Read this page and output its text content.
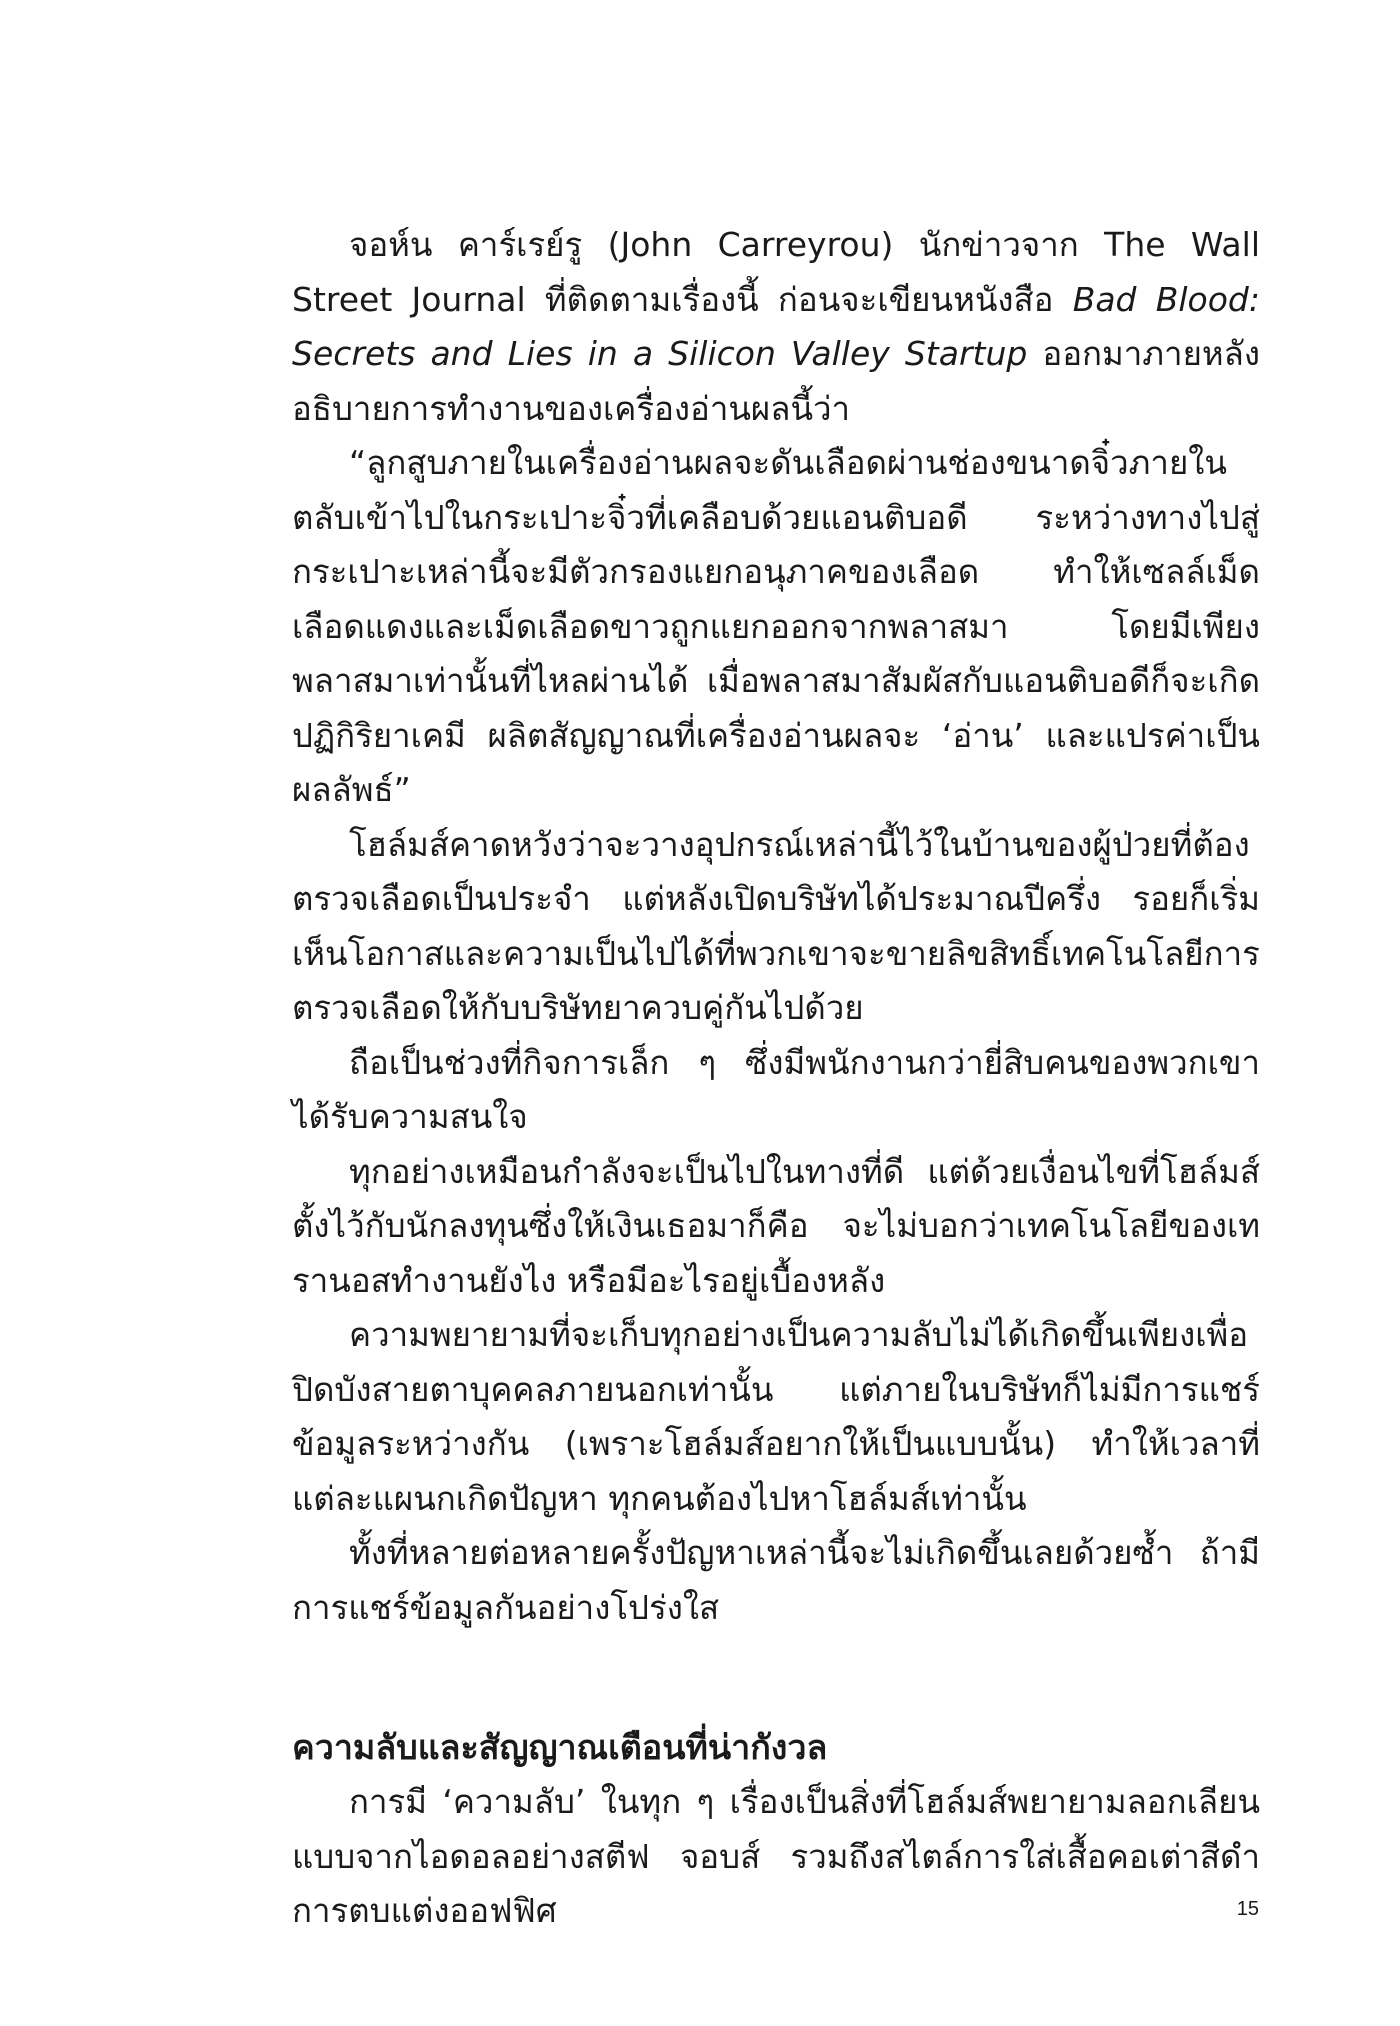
จอห์น คาร์เรย์รู (John Carreyrou) นักข่าวจาก The Wall Street Journal ที่ติดตามเรื่องนี้ ก่อนจะเขียนหนังสือ Bad Blood: Secrets and Lies in a Silicon Valley Startup ออกมาภายหลัง อธิบายการทำงานของเครื่องอ่านผลนี้ว่า

“ลูกสูบภายในเครื่องอ่านผลจะดันเลือดผ่านช่องขนาดจิ๋วภายในตลับเข้าไปในกระเปาะจิ๋วที่เคลือบด้วยแอนติบอดี ระหว่างทางไปสู่กระเปาะเหล่านี้จะมีตัวกรองแยกอนุภาคของเลือด ทำให้เซลล์เม็ดเลือดแดงและเม็ดเลือดขาวถูกแยกออกจากพลาสมา โดยมีเพียงพลาสมาเท่านั้นที่ไหลผ่านได้ เมื่อพลาสมาสัมผัสกับแอนติบอดีก็จะเกิดปฏิกิริยาเคมี ผลิตสัญญาณที่เครื่องอ่านผลจะ ‘อ่าน’ และแปรค่าเป็นผลลัพธ์”

โฮล์มส์คาดหวังว่าจะวางอุปกรณ์เหล่านี้ไว้ในบ้านของผู้ป่วยที่ต้องตรวจเลือดเป็นประจำ แต่หลังเปิดบริษัทได้ประมาณปีครึ่ง รอยก็เริ่มเห็นโอกาสและความเป็นไปได้ที่พวกเขาจะขายลิขสิทธิ์เทคโนโลยีการตรวจเลือดให้กับบริษัทยาควบคู่กันไปด้วย

ถือเป็นช่วงที่กิจการเล็ก ๆ ซึ่งมีพนักงานกว่ายี่สิบคนของพวกเขาได้รับความสนใจ

ทุกอย่างเหมือนกำลังจะเป็นไปในทางที่ดี แต่ด้วยเงื่อนไขที่โฮล์มส์ตั้งไว้กับนักลงทุนซึ่งให้เงินเธอมาก็คือ จะไม่บอกว่าเทคโนโลยีของเทรานอสทำงานยังไง หรือมีอะไรอยู่เบื้องหลัง

ความพยายามที่จะเก็บทุกอย่างเป็นความลับไม่ได้เกิดขึ้นเพียงเพื่อปิดบังสายตาบุคคลภายนอกเท่านั้น แต่ภายในบริษัทก็ไม่มีการแชร์ข้อมูลระหว่างกัน (เพราะโฮล์มส์อยากให้เป็นแบบนั้น) ทำให้เวลาที่แต่ละแผนกเกิดปัญหา ทุกคนต้องไปหาโฮล์มส์เท่านั้น

ทั้งที่หลายต่อหลายครั้งปัญหาเหล่านี้จะไม่เกิดขึ้นเลยด้วยซ้ำ ถ้ามีการแชร์ข้อมูลกันอย่างโปร่งใส

ความลับและสัญญาณเตือนที่น่ากังวล

การมี ‘ความลับ’ ในทุก ๆ เรื่องเป็นสิ่งที่โฮล์มส์พยายามลอกเลียนแบบจากไอดอลอย่างสตีฟ จอบส์ รวมถึงสไตล์การใส่เสื้อคอเต่าสีดำ การตบแต่งออฟฟิศ	15
